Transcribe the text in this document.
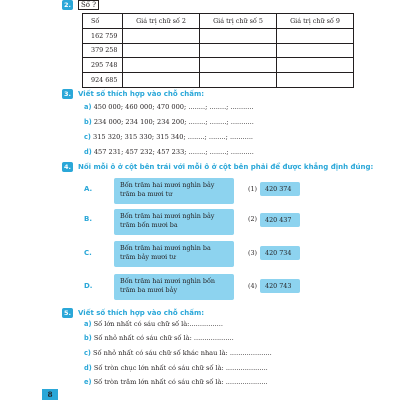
2.	Số ?
Số	Giá trị chữ số 2	Giá trị chữ số 5	Giá trị chữ số 9
162 759			
379 258			
295 748			
924 685			
3. Viết số thích hợp vào chỗ chấm:
a) 450 000; 460 000; 470 000; ........; ........; ...........
b) 234 000; 234 100; 234 200; ........; ........; ...........
c) 315 320; 315 330; 315 340; ........; ........; ...........
d) 457 231; 457 232; 457 233; ........; ........; ...........
4. Nối mỗi ô ở cột bên trái với mỗi ô ở cột bên phải để được khẳng định đúng:
A.	Bốn trăm hai mươi nghìn bảy trăm ba mươi tư
(1)	420 374
B.	Bốn trăm hai mươi nghìn bảy trăm bốn mươi ba
(2)	420 437
C.
Bốn trăm hai mươi nghìn ba trăm bảy mươi tư	(3)	420 734
D.
Bốn trăm hai mươi nghìn bốn trăm ba mươi bảy	(4)	420 743
5. Viết số thích hợp vào chỗ chấm:
a) Số lớn nhất có sáu chữ số là:................
b) Số nhỏ nhất có sáu chữ số là: ...................
c) Số nhỏ nhất có sáu chữ số khác nhau là: ....................
d) Số tròn chục lớn nhất có sáu chữ số là: ....................
e) Số tròn trăm lớn nhất có sáu chữ số là: ....................
8
